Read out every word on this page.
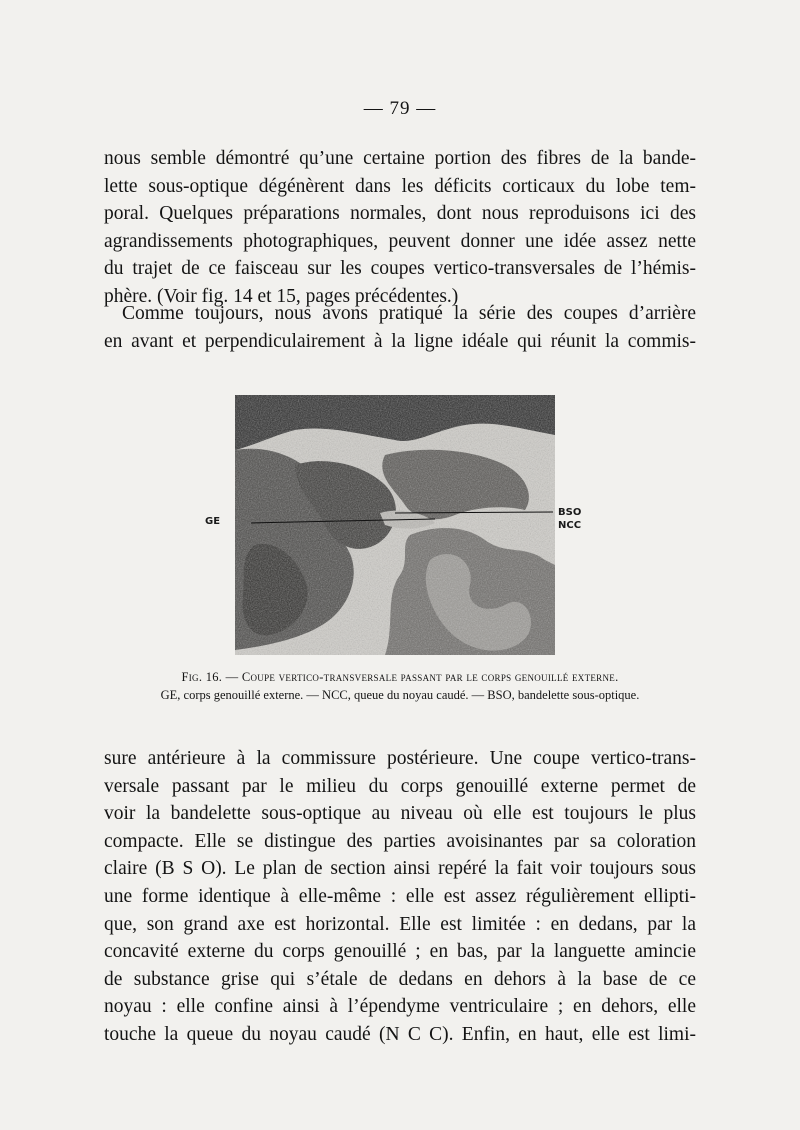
— 79 —

nous semble démontré qu’une certaine portion des fibres de la bande-
lette sous-optique dégénèrent dans les déficits corticaux du lobe tem-
poral. Quelques préparations normales, dont nous reproduisons ici des
agrandissements photographiques, peuvent donner une idée assez nette
du trajet de ce faisceau sur les coupes vertico-transversales de l’hémis-
phère. (Voir fig. 14 et 15, pages précédentes.)

Comme toujours, nous avons pratiqué la série des coupes d’arrière
en avant et perpendiculairement à la ligne idéale qui réunit la commis-

GE
BSO
NCC
Fig. 16. — Coupe vertico-transversale passant par le corps genouillé externe.
GE, corps genouillé externe. — NCC, queue du noyau caudé. — BSO, bandelette sous-optique.

sure antérieure à la commissure postérieure. Une coupe vertico-trans-
versale passant par le milieu du corps genouillé externe permet de
voir la bandelette sous-optique au niveau où elle est toujours le plus
compacte. Elle se distingue des parties avoisinantes par sa coloration
claire (B S O). Le plan de section ainsi repéré la fait voir toujours sous
une forme identique à elle-même : elle est assez régulièrement ellipti-
que, son grand axe est horizontal. Elle est limitée : en dedans, par la
concavité externe du corps genouillé ; en bas, par la languette amincie
de substance grise qui s’étale de dedans en dehors à la base de ce
noyau : elle confine ainsi à l’épendyme ventriculaire ; en dehors, elle
touche la queue du noyau caudé (N C C). Enfin, en haut, elle est limi-
